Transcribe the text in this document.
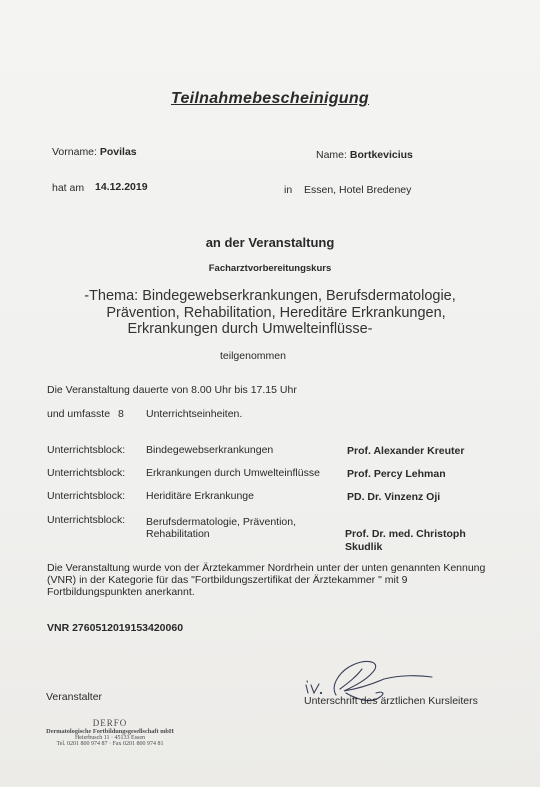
Teilnahmebescheinigung
Vorname: Povilas	Name: Bortkevicius
hat am 14.12.2019	in Essen, Hotel Bredeney
an der Veranstaltung
Facharztvorbereitungskurs
-Thema: Bindegewebserkrankungen, Berufsdermatologie,
Prävention, Rehabilitation, Hereditäre Erkrankungen,
Erkrankungen durch Umwelteinflüsse-
teilgenommen
Die Veranstaltung dauerte von 8.00 Uhr bis 17.15 Uhr
und umfasste 8 Unterrichtseinheiten.
Unterrichtsblock: Bindegewebserkrankungen	Prof. Alexander Kreuter
Unterrichtsblock: Erkrankungen durch Umwelteinflüsse	Prof. Percy Lehman
Unterrichtsblock: Heriditäre Erkrankunge	PD. Dr. Vinzenz Oji
Unterrichtsblock: Berufsdermatologie, Prävention,
Rehabilitation	Prof. Dr. med. Christoph
Skudlik
Die Veranstaltung wurde von der Ärztekammer Nordrhein unter der unten genannten Kennung
(VNR) in der Kategorie für das "Fortbildungszertifikat der Ärztekammer " mit 9
Fortbildungspunkten anerkannt.
VNR 2760512019153420060
Veranstalter	Unterschrift des ärztlichen Kursleiters
DERFO
Dermatologische Fortbildungsgesellschaft mbH
Heierbusch 11 · 45133 Essen
Tel. 0201 800 974 87 · Fax 0201 800 974 81
